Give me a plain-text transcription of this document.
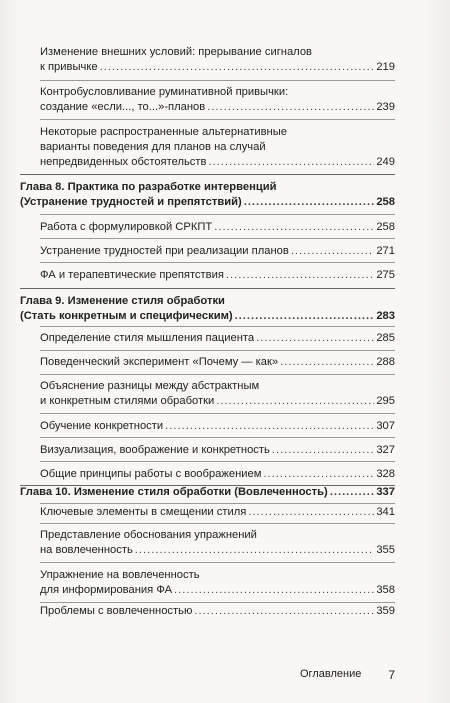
Изменение внешних условий: прерывание сигналов
к привычке .....	219
Контробусловливание руминативной привычки:
создание «если..., то...»-планов .....	239
Некоторые распространенные альтернативные
варианты поведения для планов на случай
непредвиденных обстоятельств .....	249
Глава 8. Практика по разработке интервенций
(Устранение трудностей и препятствий) .....	258
Работа с формулировкой СРКПТ .....	258
Устранение трудностей при реализации планов .....	271
ФА и терапевтические препятствия .....	275
Глава 9. Изменение стиля обработки
(Стать конкретным и специфическим) .....	283
Определение стиля мышления пациента .....	285
Поведенческий эксперимент «Почему — как» .....	288
Объяснение разницы между абстрактным
и конкретным стилями обработки .....	295
Обучение конкретности .....	307
Визуализация, воображение и конкретность .....	327
Общие принципы работы с воображением .....	328
Глава 10. Изменение стиля обработки (Вовлеченность) .....	337
Ключевые элементы в смещении стиля .....	341
Представление обоснования упражнений
на вовлеченность .....	355
Упражнение на вовлеченность
для информирования ФА .....	358
Проблемы с вовлеченностью .....	359
Оглавление 7
